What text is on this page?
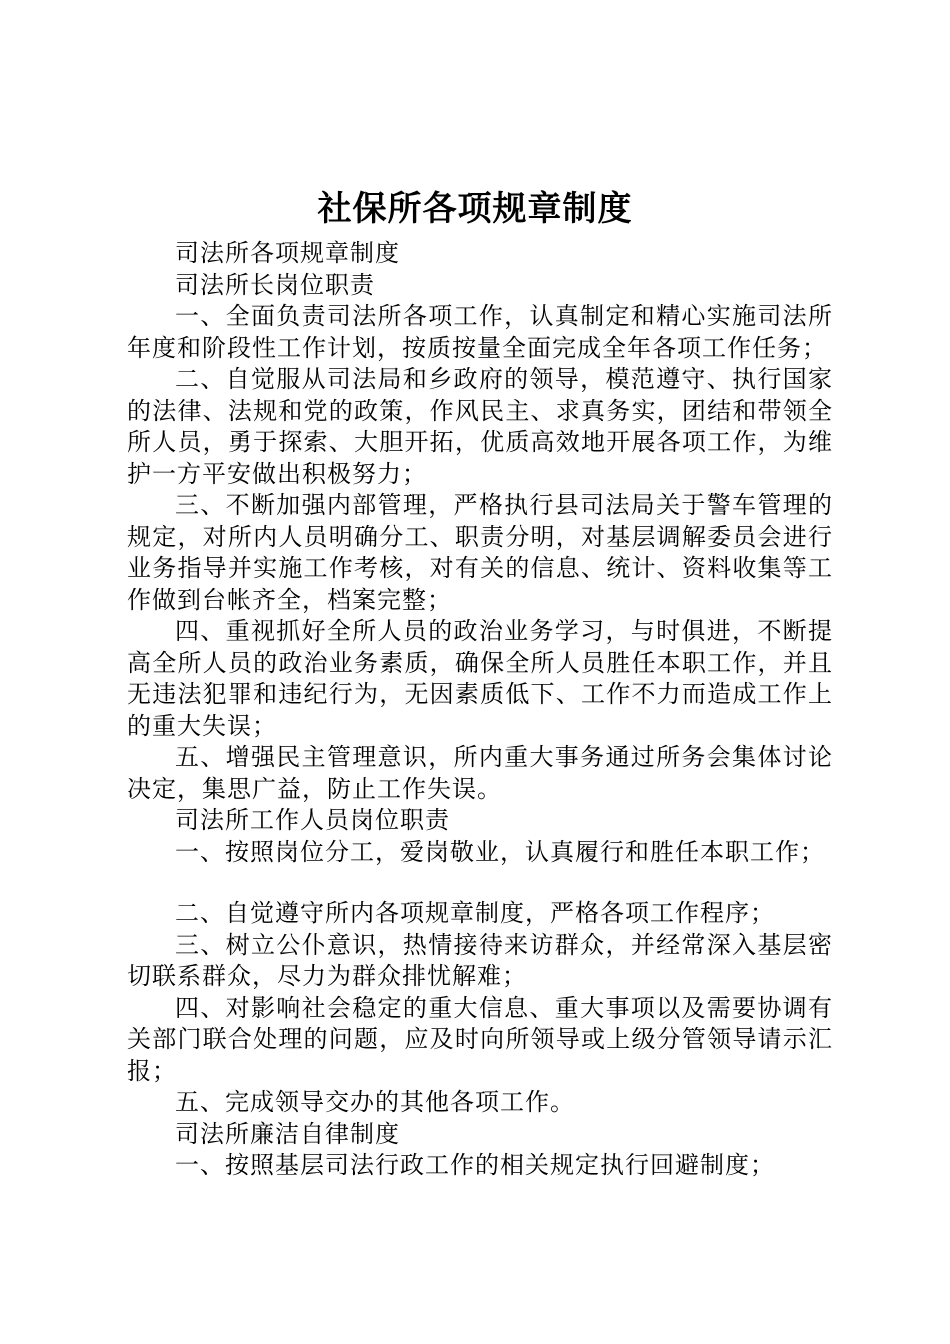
社保所各项规章制度

司法所各项规章制度

司法所长岗位职责

一、全面负责司法所各项工作，认真制定和精心实施司法所年度和阶段性工作计划，按质按量全面完成全年各项工作任务；

二、自觉服从司法局和乡政府的领导，模范遵守、执行国家的法律、法规和党的政策，作风民主、求真务实，团结和带领全所人员，勇于探索、大胆开拓，优质高效地开展各项工作，为维护一方平安做出积极努力；

三、不断加强内部管理，严格执行县司法局关于警车管理的规定，对所内人员明确分工、职责分明，对基层调解委员会进行业务指导并实施工作考核，对有关的信息、统计、资料收集等工作做到台帐齐全，档案完整；

四、重视抓好全所人员的政治业务学习，与时俱进，不断提高全所人员的政治业务素质，确保全所人员胜任本职工作，并且无违法犯罪和违纪行为，无因素质低下、工作不力而造成工作上的重大失误；

五、增强民主管理意识，所内重大事务通过所务会集体讨论决定，集思广益，防止工作失误。

司法所工作人员岗位职责

一、按照岗位分工，爱岗敬业，认真履行和胜任本职工作；

二、自觉遵守所内各项规章制度，严格各项工作程序；

三、树立公仆意识，热情接待来访群众，并经常深入基层密切联系群众，尽力为群众排忧解难；

四、对影响社会稳定的重大信息、重大事项以及需要协调有关部门联合处理的问题，应及时向所领导或上级分管领导请示汇报；

五、完成领导交办的其他各项工作。

司法所廉洁自律制度

一、按照基层司法行政工作的相关规定执行回避制度；
